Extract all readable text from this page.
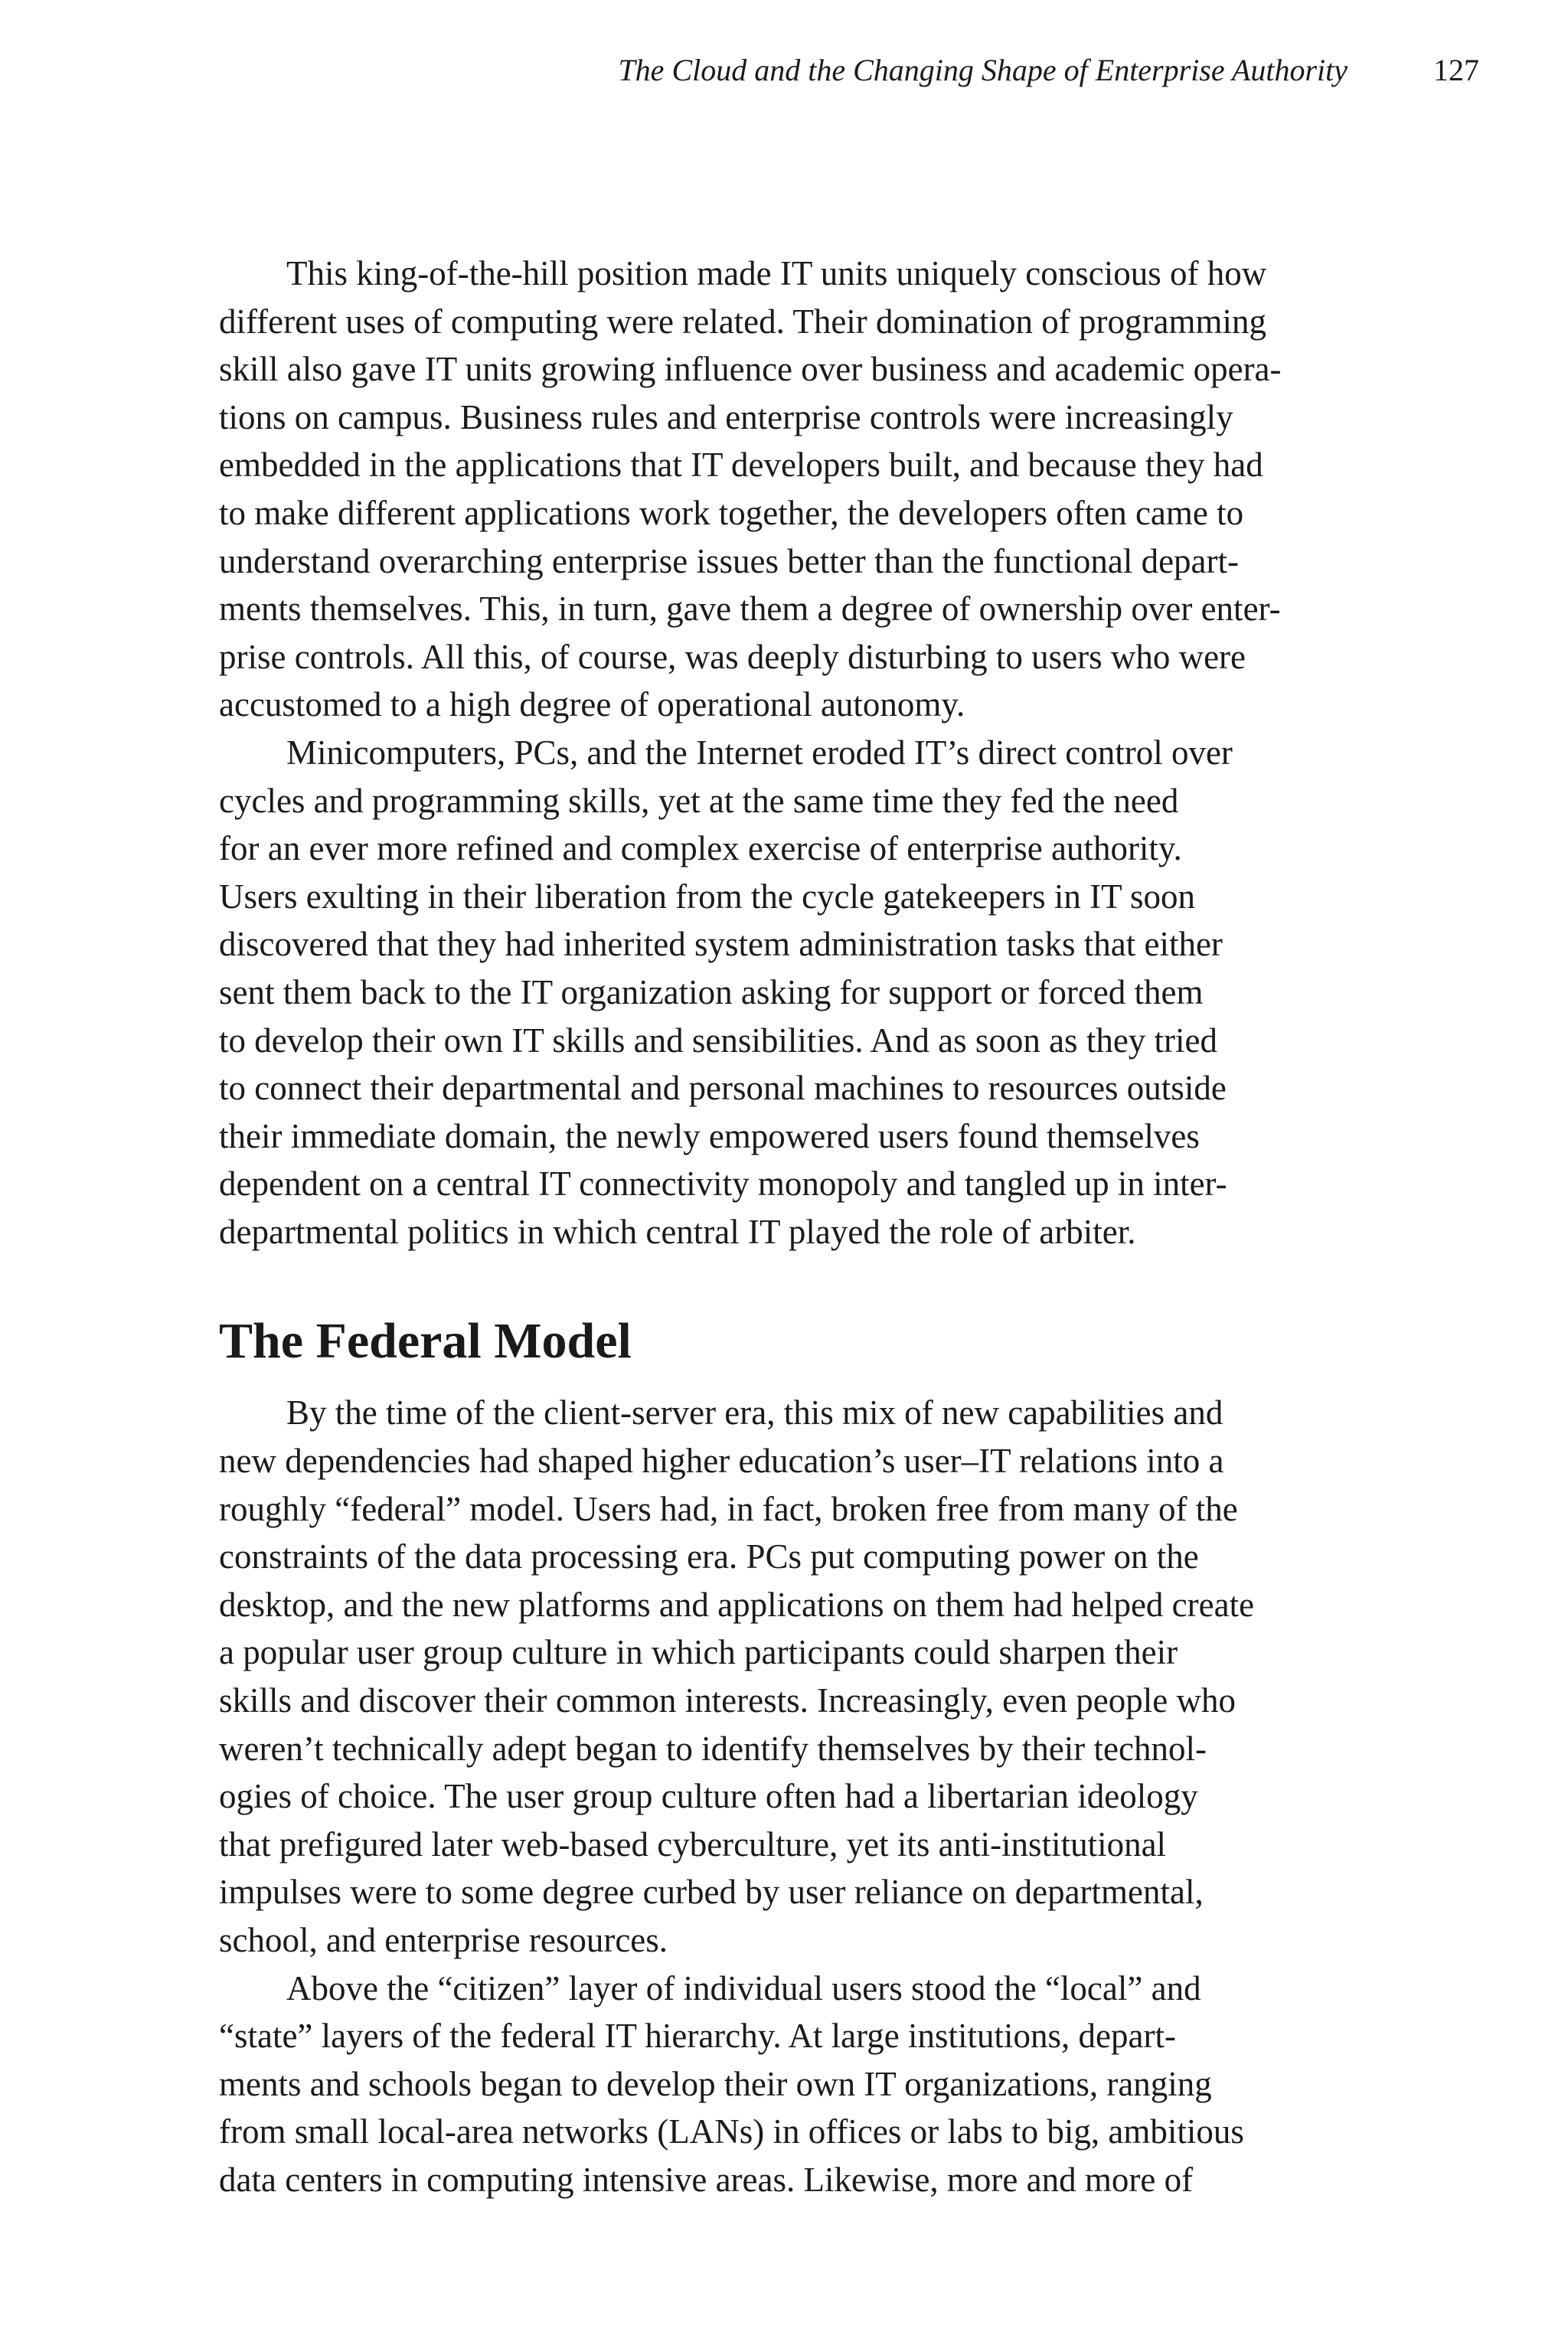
The Cloud and the Changing Shape of Enterprise Authority	127
This king-of-the-hill position made IT units uniquely conscious of how
different uses of computing were related. Their domination of programming
skill also gave IT units growing influence over business and academic opera-
tions on campus. Business rules and enterprise controls were increasingly
embedded in the applications that IT developers built, and because they had
to make different applications work together, the developers often came to
understand overarching enterprise issues better than the functional depart-
ments themselves. This, in turn, gave them a degree of ownership over enter-
prise controls. All this, of course, was deeply disturbing to users who were
accustomed to a high degree of operational autonomy.
Minicomputers, PCs, and the Internet eroded IT’s direct control over
cycles and programming skills, yet at the same time they fed the need
for an ever more refined and complex exercise of enterprise authority.
Users exulting in their liberation from the cycle gatekeepers in IT soon
discovered that they had inherited system administration tasks that either
sent them back to the IT organization asking for support or forced them
to develop their own IT skills and sensibilities. And as soon as they tried
to connect their departmental and personal machines to resources outside
their immediate domain, the newly empowered users found themselves
dependent on a central IT connectivity monopoly and tangled up in inter-
departmental politics in which central IT played the role of arbiter.
The Federal Model
By the time of the client-server era, this mix of new capabilities and
new dependencies had shaped higher education’s user–IT relations into a
roughly “federal” model. Users had, in fact, broken free from many of the
constraints of the data processing era. PCs put computing power on the
desktop, and the new platforms and applications on them had helped create
a popular user group culture in which participants could sharpen their
skills and discover their common interests. Increasingly, even people who
weren’t technically adept began to identify themselves by their technol-
ogies of choice. The user group culture often had a libertarian ideology
that prefigured later web-based cyberculture, yet its anti-institutional
impulses were to some degree curbed by user reliance on departmental,
school, and enterprise resources.
Above the “citizen” layer of individual users stood the “local” and
“state” layers of the federal IT hierarchy. At large institutions, depart-
ments and schools began to develop their own IT organizations, ranging
from small local-area networks (LANs) in offices or labs to big, ambitious
data centers in computing intensive areas. Likewise, more and more of
